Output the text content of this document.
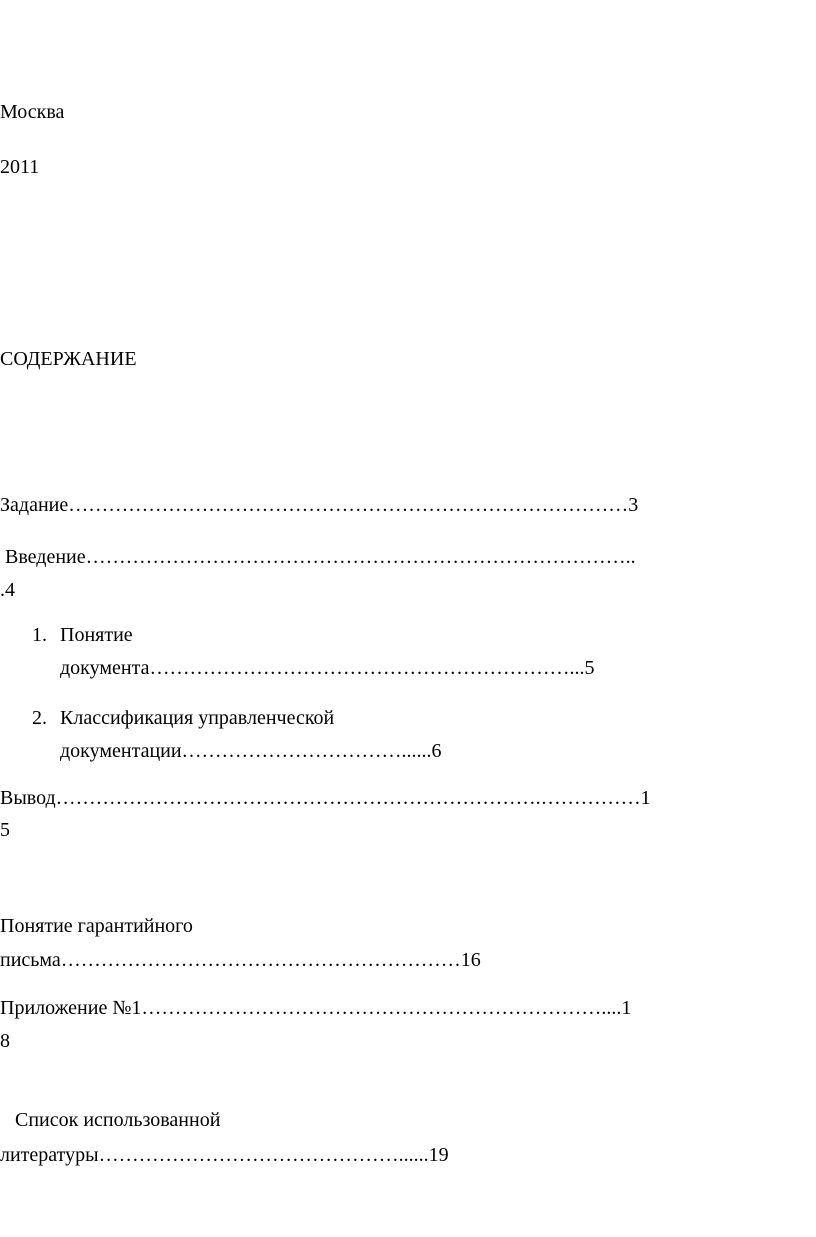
Москва
2011
СОДЕРЖАНИЕ
Задание…………………………………………………………………………3
Введение………………………………………………………………………..
.4
1. Понятие
документа………………………………………………………...5
2. Классификация управленческой
документации……………………………......6
Вывод……………………………………………………………….……………1
5
Понятие гарантийного
письма……………………………………………………16
Приложение №1……………………………………………………………....1
8
Список использованной
литературы………………………………………......19
